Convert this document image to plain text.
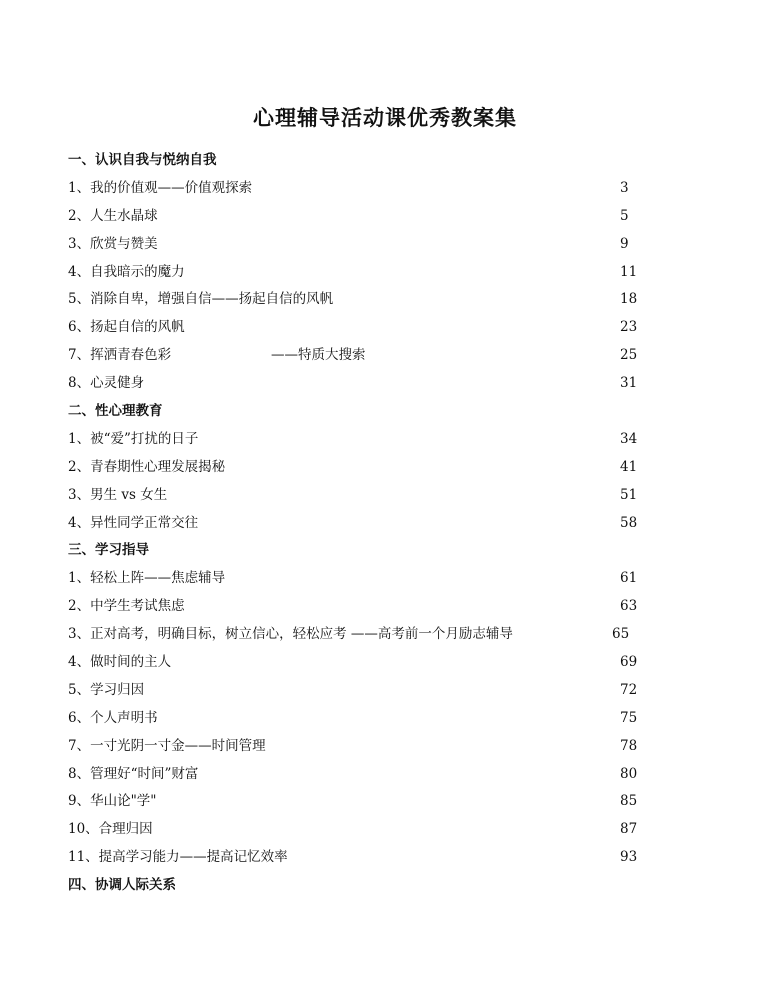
心理辅导活动课优秀教案集
一、认识自我与悦纳自我
1、我的价值观——价值观探索	3
2、人生水晶球	5
3、欣赏与赞美	9
4、自我暗示的魔力	11
5、消除自卑，增强自信——扬起自信的风帆	18
6、扬起自信的风帆	23
7、挥洒青春色彩	——特质大搜索	25
8、心灵健身	31
二、性心理教育
1、被“爱”打扰的日子	34
2、青春期性心理发展揭秘	41
3、男生 vs 女生	51
4、异性同学正常交往	58
三、学习指导
1、轻松上阵——焦虑辅导	61
2、中学生考试焦虑	63
3、正对高考，明确目标，树立信心，轻松应考 ——高考前一个月励志辅导	65
4、做时间的主人	69
5、学习归因	72
6、个人声明书	75
7、一寸光阴一寸金——时间管理	78
8、管理好“时间”财富	80
9、华山论"学"	85
10、合理归因	87
11、提高学习能力——提高记忆效率	93
四、协调人际关系
